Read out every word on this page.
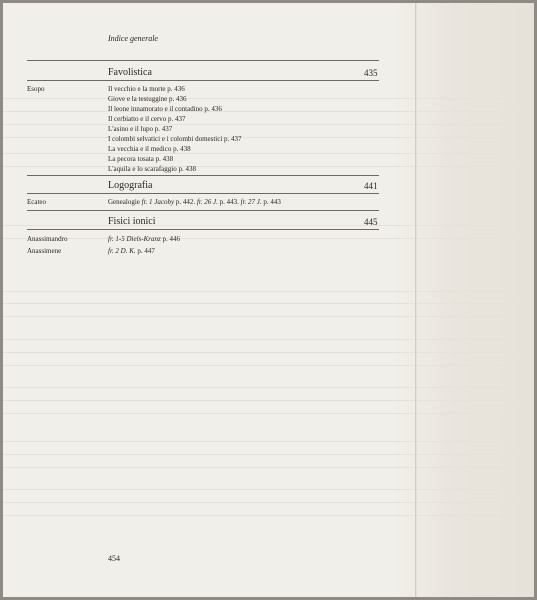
Indice generale
Favolistica	435
Esopo	Il vecchio e la morte p. 436
Giove e la testuggine p. 436
Il leone innamorato e il contadino p. 436
Il cerbiatto e il cervo p. 437
L'asino e il lupo p. 437
I colombi selvatici e i colombi domestici p. 437
La vecchia e il medico p. 438
La pecora tosata p. 438
L'aquila e lo scarafaggio p. 438
Logografia	441
Ecateo	Genealogie fr. 1 Jacoby p. 442. fr. 26 J. p. 443. fr. 27 J. p. 443
Fisici ionici	445
Anassimandro	fr. 1-5 Diels-Kranz p. 446
Anassimene	fr. 2 D. K. p. 447
454
